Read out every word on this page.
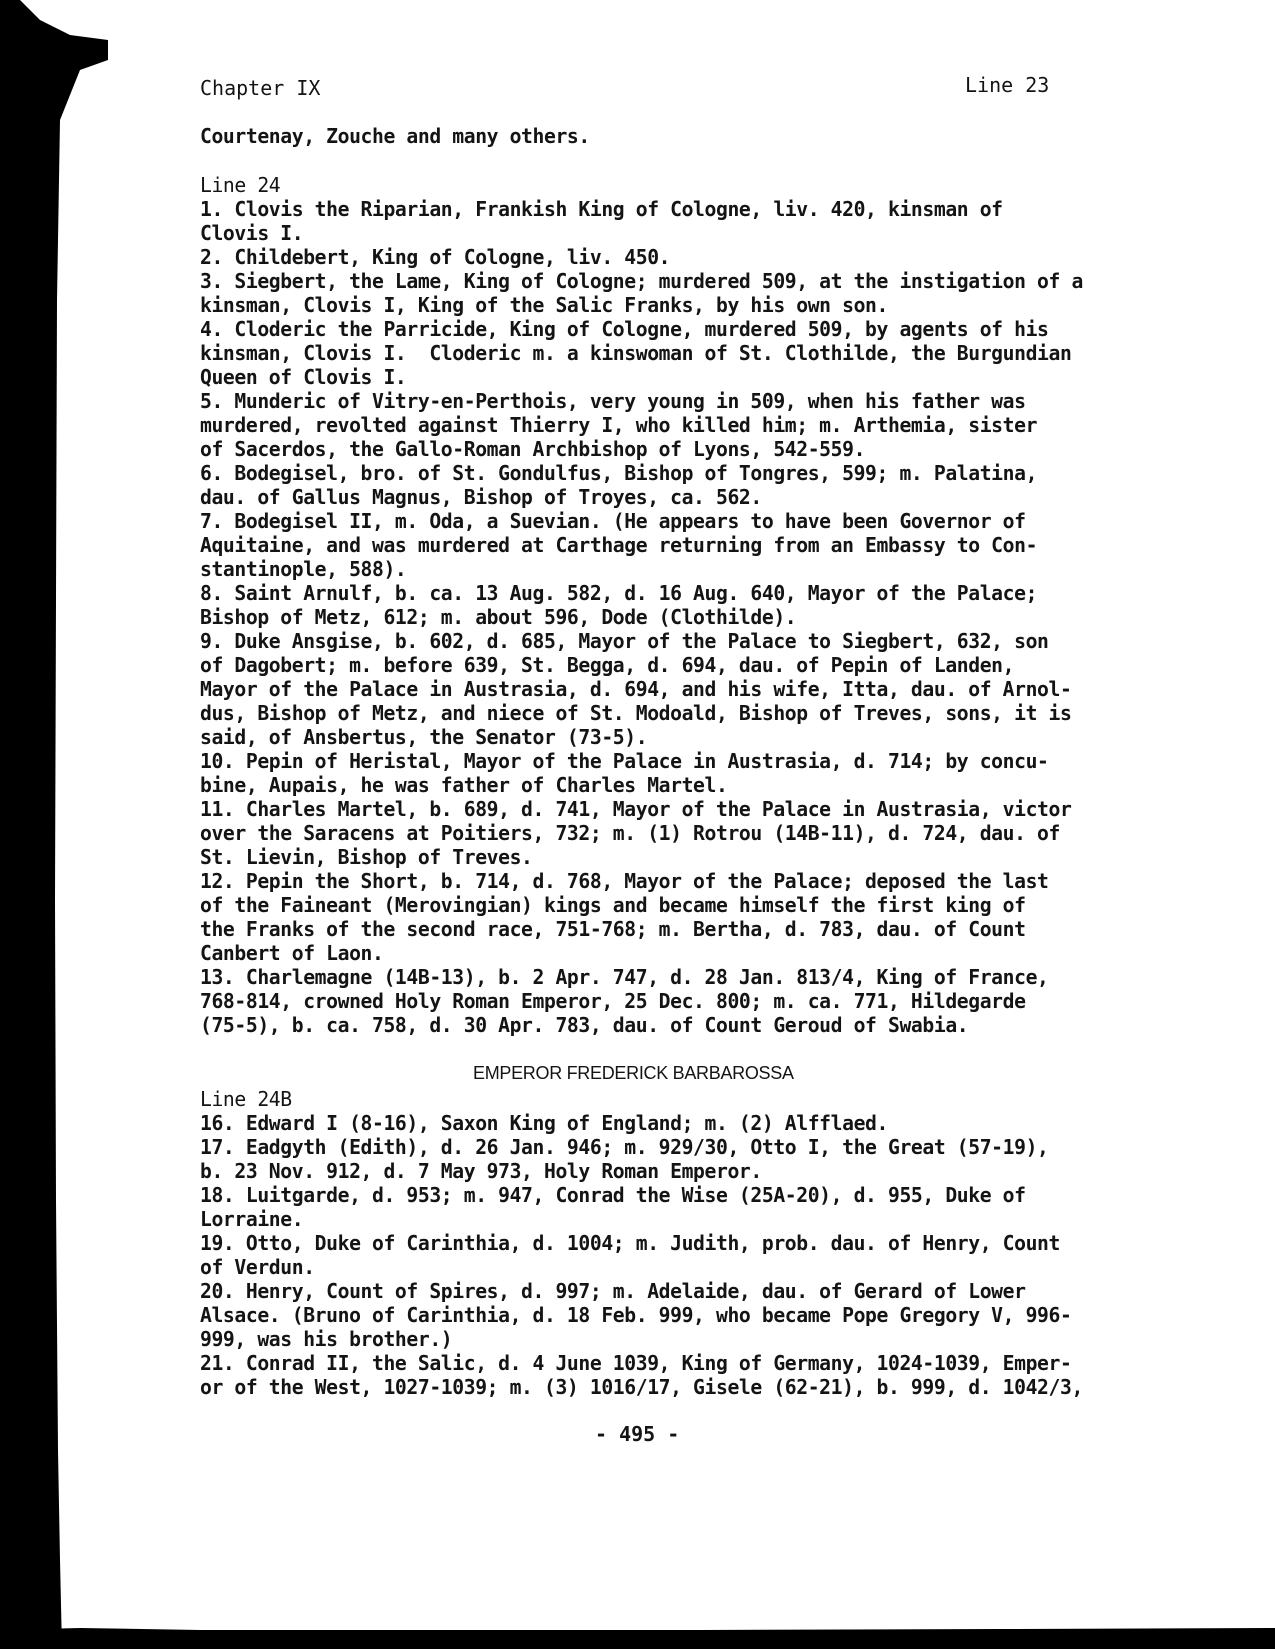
Chapter IX	Line 23
Courtenay, Zouche and many others.
Line 24
1. Clovis the Riparian, Frankish King of Cologne, liv. 420, kinsman of
Clovis I.
2. Childebert, King of Cologne, liv. 450.
3. Siegbert, the Lame, King of Cologne; murdered 509, at the instigation of a
kinsman, Clovis I, King of the Salic Franks, by his own son.
4. Cloderic the Parricide, King of Cologne, murdered 509, by agents of his
kinsman, Clovis I.  Cloderic m. a kinswoman of St. Clothilde, the Burgundian
Queen of Clovis I.
5. Munderic of Vitry-en-Perthois, very young in 509, when his father was
murdered, revolted against Thierry I, who killed him; m. Arthemia, sister
of Sacerdos, the Gallo-Roman Archbishop of Lyons, 542-559.
6. Bodegisel, bro. of St. Gondulfus, Bishop of Tongres, 599; m. Palatina,
dau. of Gallus Magnus, Bishop of Troyes, ca. 562.
7. Bodegisel II, m. Oda, a Suevian. (He appears to have been Governor of
Aquitaine, and was murdered at Carthage returning from an Embassy to Con-
stantinople, 588).
8. Saint Arnulf, b. ca. 13 Aug. 582, d. 16 Aug. 640, Mayor of the Palace;
Bishop of Metz, 612; m. about 596, Dode (Clothilde).
9. Duke Ansgise, b. 602, d. 685, Mayor of the Palace to Siegbert, 632, son
of Dagobert; m. before 639, St. Begga, d. 694, dau. of Pepin of Landen,
Mayor of the Palace in Austrasia, d. 694, and his wife, Itta, dau. of Arnol-
dus, Bishop of Metz, and niece of St. Modoald, Bishop of Treves, sons, it is
said, of Ansbertus, the Senator (73-5).
10. Pepin of Heristal, Mayor of the Palace in Austrasia, d. 714; by concu-
bine, Aupais, he was father of Charles Martel.
11. Charles Martel, b. 689, d. 741, Mayor of the Palace in Austrasia, victor
over the Saracens at Poitiers, 732; m. (1) Rotrou (14B-11), d. 724, dau. of
St. Lievin, Bishop of Treves.
12. Pepin the Short, b. 714, d. 768, Mayor of the Palace; deposed the last
of the Faineant (Merovingian) kings and became himself the first king of
the Franks of the second race, 751-768; m. Bertha, d. 783, dau. of Count
Canbert of Laon.
13. Charlemagne (14B-13), b. 2 Apr. 747, d. 28 Jan. 813/4, King of France,
768-814, crowned Holy Roman Emperor, 25 Dec. 800; m. ca. 771, Hildegarde
(75-5), b. ca. 758, d. 30 Apr. 783, dau. of Count Geroud of Swabia.
Line 24B
16. Edward I (8-16), Saxon King of England; m. (2) Alfflaed.
17. Eadgyth (Edith), d. 26 Jan. 946; m. 929/30, Otto I, the Great (57-19),
b. 23 Nov. 912, d. 7 May 973, Holy Roman Emperor.
18. Luitgarde, d. 953; m. 947, Conrad the Wise (25A-20), d. 955, Duke of
Lorraine.
19. Otto, Duke of Carinthia, d. 1004; m. Judith, prob. dau. of Henry, Count
of Verdun.
20. Henry, Count of Spires, d. 997; m. Adelaide, dau. of Gerard of Lower
Alsace. (Bruno of Carinthia, d. 18 Feb. 999, who became Pope Gregory V, 996-
999, was his brother.)
21. Conrad II, the Salic, d. 4 June 1039, King of Germany, 1024-1039, Emper-
or of the West, 1027-1039; m. (3) 1016/17, Gisele (62-21), b. 999, d. 1042/3,
EMPEROR FREDERICK BARBAROSSA
- 495 -
